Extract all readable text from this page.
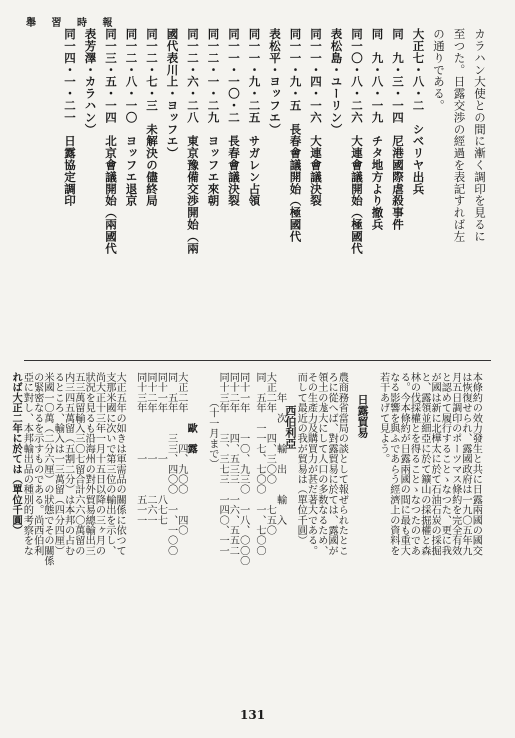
舉 習 時 報
カラハン大使との間に漸く調印を見るに
至つた。日露交渉の經過を表記すれば左
の通りである。
大正七・八・二　シベリヤ出兵
同　九・三・一四　尼港國際虐殺事件
同　九・八・一九　チタ地方より撤兵
同一〇・八・二六　大連會議開始（極國代
表松島・ユーリン）
同一一・四・一六　大連會議決裂
同一一・九・五　長春會議開始（極國代
表松平・ヨッフエ）
同一一・九・二五　サガレン占領
同一一・一〇・二　長春會議決裂
同一二・一・二九　ヨッフエ來朝
同一二・六・二八　東京豫備交渉開始（兩
國代表川上・ヨッフエ）
同一二・七・三　未解決の儘終局
同一二・八・一〇　ヨッフエ退京
同一三・五・一四　北京會議開始（兩國代
表芳澤・カラハン）
同一四・一・二一　日露協定調印
本條約の效力發生と共に日露兩國の國交
は恢復せられ、露國政府は一九〇五年九
月五日調印のポーツマス條約を完全有效
と認めて履行することゝなつた、更に我
が國は新に北樺太に於て石油石炭の採掘
と、露領並細亞に於て鑛山の採掘權と森
林の伐採權とを得ることゝなつたのであ
る。今本條約が日露兩國の間に最も重大
なる影響を與ふであらう經濟上の資料を
若干あげて見よう。
　　日露貿易
農商務省當局の談として報ぜられたとこ
ろに從へば、對露貿易に於ては、露國が
領土の尨大にして人口の多数なるため、
その生產力及購買力が甚だ著大である。
而して最近の我が貿易は（單位千圓）
　　　西伯利亞
　　年　次　　輸　出　　輸　入
大正二年　　四、三〇〇　　七五〇
同　五年　一一七、七〇〇　一、七〇〇
同十一年　　一〇、九三〇　一八、〇〇〇
同十二年　　四、五三三　一六、五五二
同十三年　　三、三七三　一四〇、一一
　　　（十一月まで）
　　　　　歐　露
大正二年　　　四、九〇〇　　四〇
同　五年　　三三、四〇〇　一、一〇〇
同十一年　　　　一　　　八七七
同十二年　　　　一　　　二六一
同十三年　　　　一　　　五一一
大正五年の如きは軍需品の關係に依つて
支那米國に次いで第三位の輸出を示し、
尚大正十三年一月十五日以降の三ヶ月の
狀況を見るも沿海州の對外貿易總輸出三
五三萬留輸入三〇七留合計六六〇萬留の
内三四五萬留（五割二分）は本邦の占む
るところ、輸入は一三萬留（四分四厘）
米國一〇萬（二分六厘）の狀態でその關係
の緊密なるを示すものである。尚西伯利
亞に對し、本邦輸出品の種別的考察をな
れば大正二年に於ては（單位千圓）
131
